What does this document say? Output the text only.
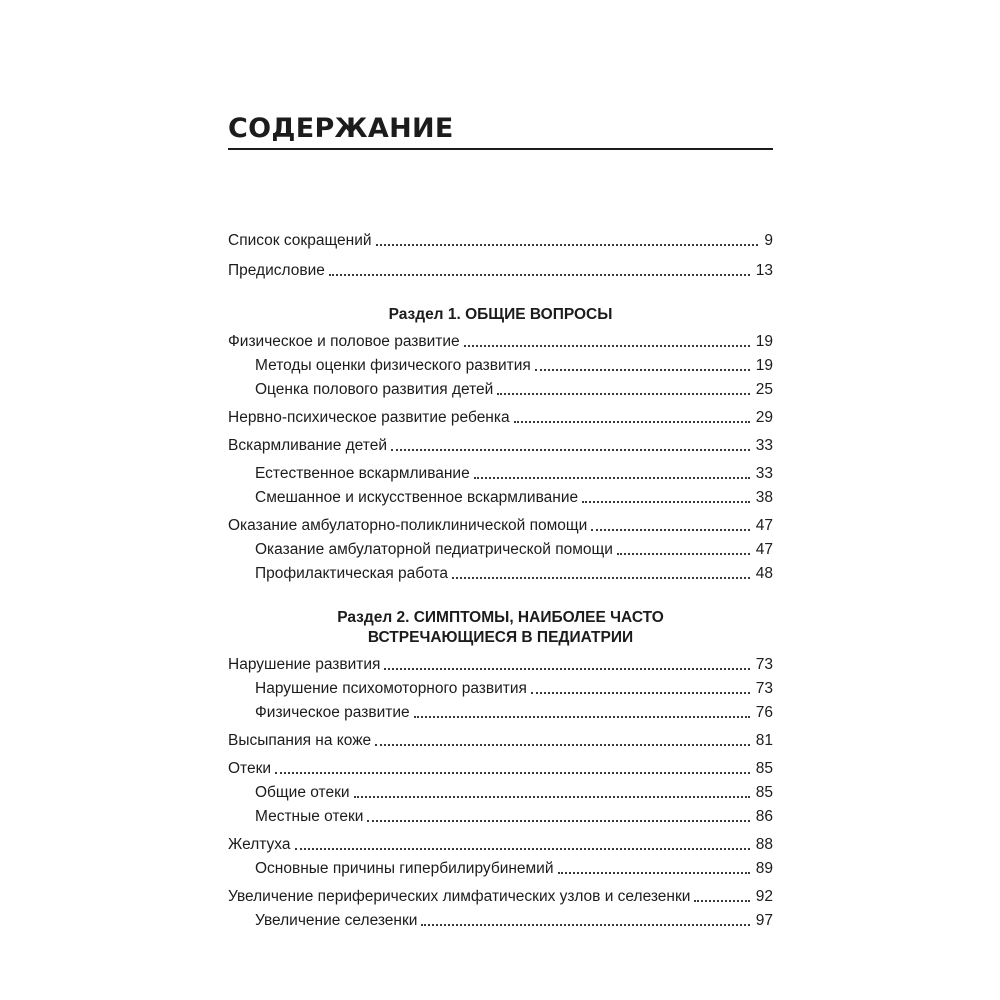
СОДЕРЖАНИЕ
Список сокращений	9
Предисловие	13
Раздел 1. ОБЩИЕ ВОПРОСЫ
Физическое и половое развитие	19
Методы оценки физического развития	19
Оценка полового развития детей	25
Нервно-психическое развитие ребенка	29
Вскармливание детей	33
Естественное вскармливание	33
Смешанное и искусственное вскармливание	38
Оказание амбулаторно-поликлинической помощи	47
Оказание амбулаторной педиатрической помощи	47
Профилактическая работа	48
Раздел 2. СИМПТОМЫ, НАИБОЛЕЕ ЧАСТО
ВСТРЕЧАЮЩИЕСЯ В ПЕДИАТРИИ
Нарушение развития	73
Нарушение психомоторного развития	73
Физическое развитие	76
Высыпания на коже	81
Отеки	85
Общие отеки	85
Местные отеки	86
Желтуха	88
Основные причины гипербилирубинемий	89
Увеличение периферических лимфатических узлов и селезенки	92
Увеличение селезенки	97
